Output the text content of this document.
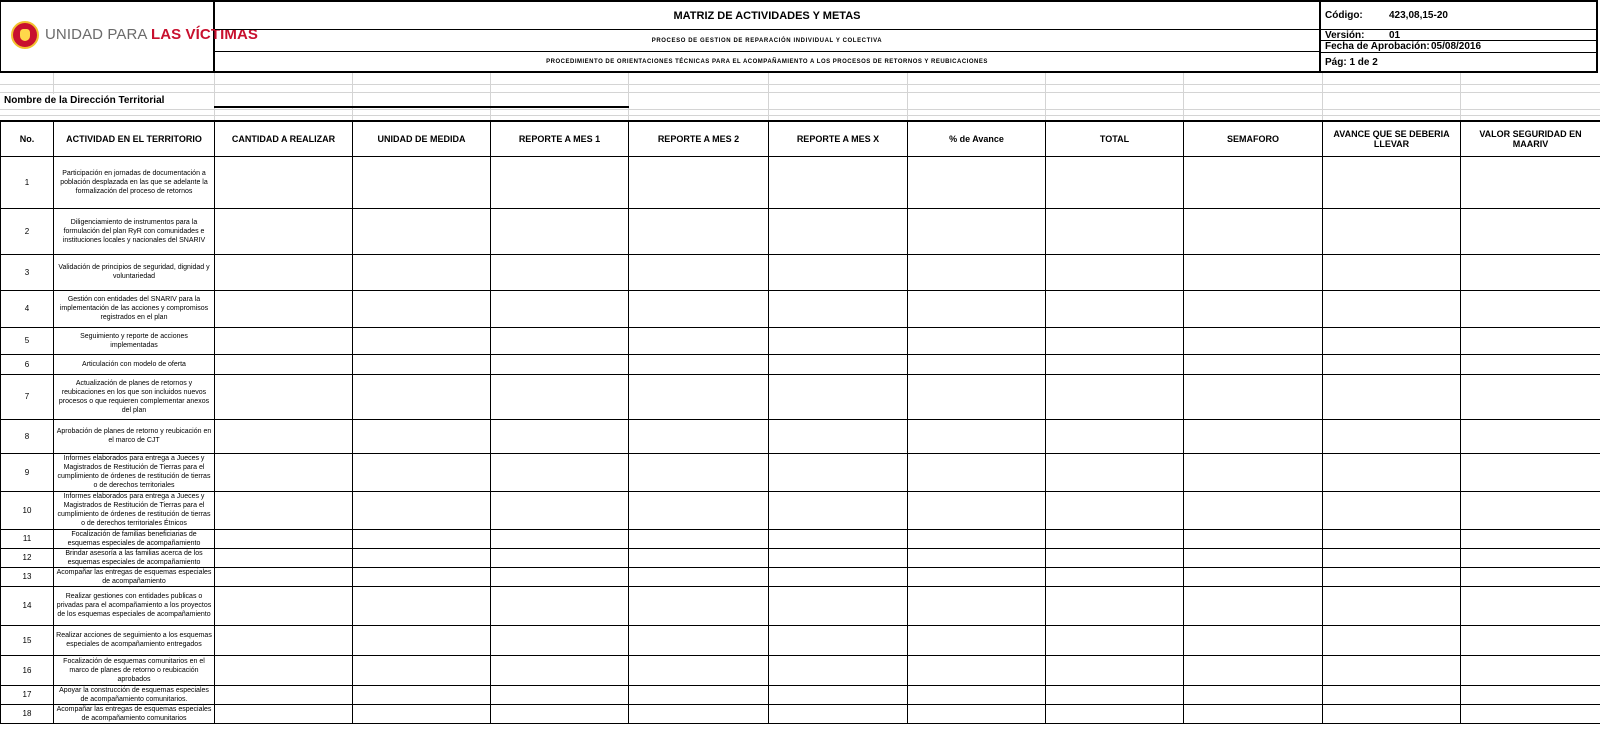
UNIDAD PARA LAS VÍCTIMAS
MATRIZ DE ACTIVIDADES Y METAS
PROCESO DE GESTION DE REPARACIÓN INDIVIDUAL Y COLECTIVA
PROCEDIMIENTO DE ORIENTACIONES TÉCNICAS PARA EL ACOMPAÑAMIENTO A LOS PROCESOS DE RETORNOS Y REUBICACIONES
Código:	423,08,15-20
Versión: 01
Fecha de Aprobación: 05/08/2016
Pág: 1 de 2
Nombre de la Dirección Territorial
No.	ACTIVIDAD EN EL TERRITORIO	CANTIDAD A REALIZAR	UNIDAD DE MEDIDA	REPORTE A MES 1	REPORTE A MES 2	REPORTE A MES X	% de Avance	TOTAL	SEMAFORO	AVANCE QUE SE DEBERIA LLEVAR	VALOR SEGURIDAD EN MAARIV
1	Participación en jornadas de documentación a población desplazada en las que se adelante la formalización del proceso de retornos										
2	Diligenciamiento de instrumentos para la formulación del plan RyR con comunidades e instituciones locales y nacionales del SNARIV										
3	Validación de principios de seguridad, dignidad y voluntariedad										
4	Gestión con entidades del SNARIV para la implementación de las acciones y compromisos registrados en el plan										
5	Seguimiento y reporte de acciones implementadas										
6	Articulación con modelo de oferta										
7	Actualización de planes de retornos y reubicaciones en los que son incluidos nuevos procesos o que requieren complementar anexos del plan										
8	Aprobación de planes de retorno y reubicación en el marco de CJT										
9	Informes elaborados para entrega a Jueces y Magistrados de Restitución de Tierras para el cumplimiento de órdenes de restitución de tierras o de derechos territoriales										
10	Informes elaborados para entrega a Jueces y Magistrados de Restitución de Tierras para el cumplimiento de órdenes de restitución de tierras o de derechos territoriales Étnicos										
11	Focalización de familias beneficiarias de esquemas especiales de acompañamiento										
12	Brindar asesoría a las familias acerca de los esquemas especiales de acompañamiento										
13	Acompañar las entregas de esquemas especiales de acompañamiento										
14	Realizar gestiones con entidades publicas o privadas para el acompañamiento a los proyectos de los esquemas especiales de acompañamiento										
15	Realizar acciones de seguimiento a los esquemas especiales de acompañamiento entregados										
16	Focalización de esquemas comunitarios en el marco de planes de retorno o reubicación aprobados										
17	Apoyar la construcción de esquemas especiales de acompañamiento comunitarios.										
18	Acompañar las entregas de esquemas especiales de acompañamiento comunitarios										
